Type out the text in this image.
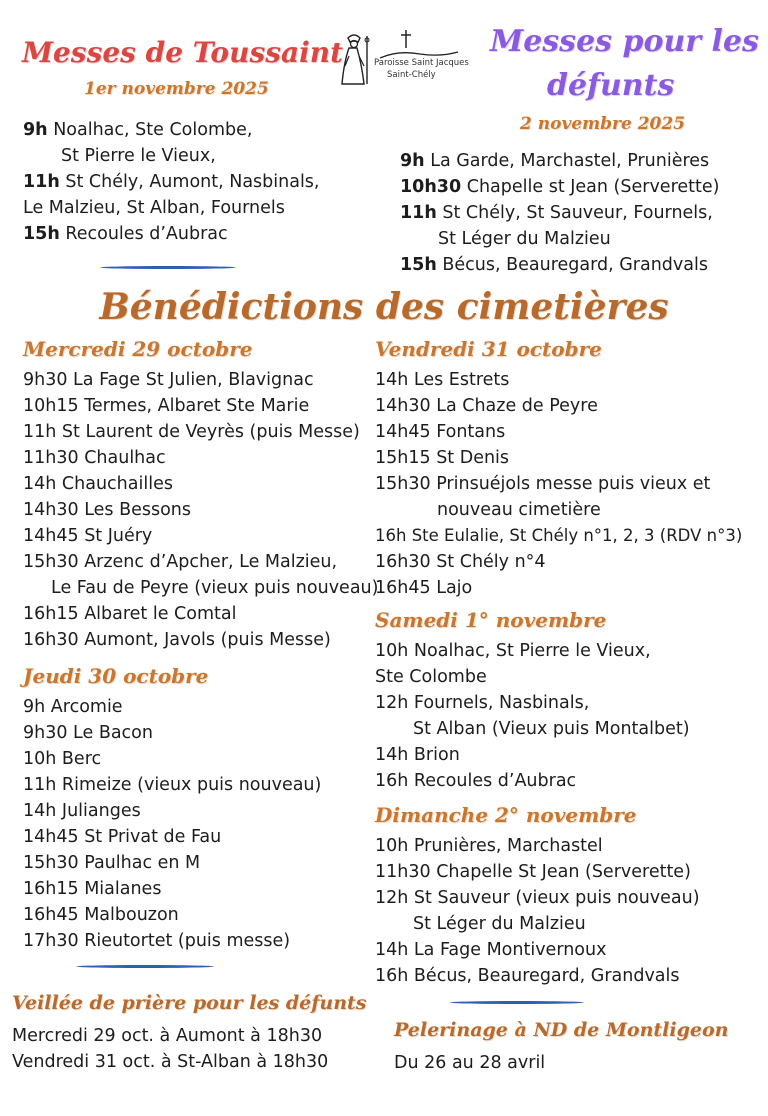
Messes de Toussaint
1er novembre 2025
9h Noalhac, Ste Colombe,
St Pierre le Vieux,
11h St Chély, Aumont, Nasbinals,
Le Malzieu, St Alban, Fournels
15h Recoules d’Aubrac
Paroisse Saint Jacques
Saint-Chély
Messes pour les
défunts
2 novembre 2025
9h La Garde, Marchastel, Prunières
10h30 Chapelle st Jean (Serverette)
11h St Chély, St Sauveur, Fournels,
St Léger du Malzieu
15h Bécus, Beauregard, Grandvals
Bénédictions des cimetières
Mercredi 29 octobre
9h30 La Fage St Julien, Blavignac
10h15 Termes, Albaret Ste Marie
11h St Laurent de Veyrès (puis Messe)
11h30 Chaulhac
14h Chauchailles
14h30 Les Bessons
14h45 St Juéry
15h30 Arzenc d’Apcher, Le Malzieu,
Le Fau de Peyre (vieux puis nouveau)
16h15 Albaret le Comtal
16h30 Aumont, Javols (puis Messe)
Jeudi 30 octobre
9h Arcomie
9h30 Le Bacon
10h Berc
11h Rimeize (vieux puis nouveau)
14h Julianges
14h45 St Privat de Fau
15h30 Paulhac en M
16h15 Mialanes
16h45 Malbouzon
17h30 Rieutortet (puis messe)
Vendredi 31 octobre
14h Les Estrets
14h30 La Chaze de Peyre
14h45 Fontans
15h15 St Denis
15h30 Prinsuéjols messe puis vieux et
nouveau cimetière
16h Ste Eulalie, St Chély n°1, 2, 3 (RDV n°3)
16h30 St Chély n°4
16h45 Lajo
Samedi 1° novembre
10h Noalhac, St Pierre le Vieux,
Ste Colombe
12h Fournels, Nasbinals,
St Alban (Vieux puis Montalbet)
14h Brion
16h Recoules d’Aubrac
Dimanche 2° novembre
10h Prunières, Marchastel
11h30 Chapelle St Jean (Serverette)
12h St Sauveur (vieux puis nouveau)
St Léger du Malzieu
14h La Fage Montivernoux
16h Bécus, Beauregard, Grandvals
Veillée de prière pour les défunts
Mercredi 29 oct. à Aumont à 18h30
Vendredi 31 oct. à St-Alban à 18h30
Pelerinage à ND de Montligeon
Du 26 au 28 avril
